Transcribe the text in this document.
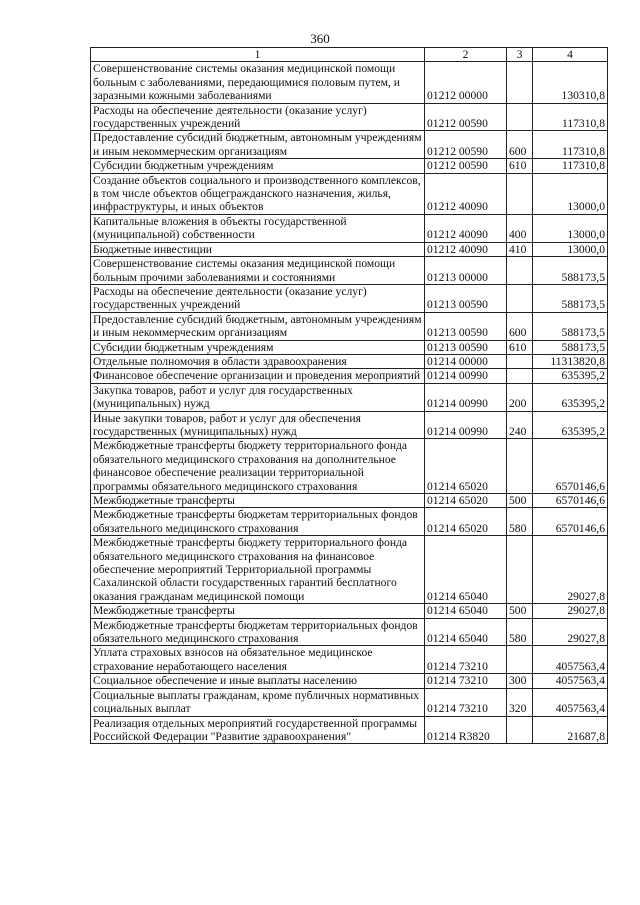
360
1	2	3	4
Совершенствование системы оказания медицинской помощи больным с заболеваниями, передающимися половым путем, и заразными кожными заболеваниями	01212 00000		130310,8
Расходы на обеспечение деятельности (оказание услуг) государственных учреждений	01212 00590		117310,8
Предоставление субсидий бюджетным, автономным учреждениям и иным некоммерческим организациям	01212 00590	600	117310,8
Субсидии бюджетным учреждениям	01212 00590	610	117310,8
Создание объектов социального и производственного комплексов, в том числе объектов общегражданского назначения, жилья, инфраструктуры, и иных объектов	01212 40090		13000,0
Капитальные вложения в объекты государственной (муниципальной) собственности	01212 40090	400	13000,0
Бюджетные инвестиции	01212 40090	410	13000,0
Совершенствование системы оказания медицинской помощи больным прочими заболеваниями и состояниями	01213 00000		588173,5
Расходы на обеспечение деятельности (оказание услуг) государственных учреждений	01213 00590		588173,5
Предоставление субсидий бюджетным, автономным учреждениям и иным некоммерческим организациям	01213 00590	600	588173,5
Субсидии бюджетным учреждениям	01213 00590	610	588173,5
Отдельные полномочия в области здравоохранения	01214 00000		11313820,8
Финансовое обеспечение организации и проведения мероприятий	01214 00990		635395,2
Закупка товаров, работ и услуг для государственных (муниципальных) нужд	01214 00990	200	635395,2
Иные закупки товаров, работ и услуг для обеспечения государственных (муниципальных) нужд	01214 00990	240	635395,2
Межбюджетные трансферты бюджету территориального фонда обязательного медицинского страхования на дополнительное финансовое обеспечение реализации территориальной программы обязательного медицинского страхования	01214 65020		6570146,6
Межбюджетные трансферты	01214 65020	500	6570146,6
Межбюджетные трансферты бюджетам территориальных фондов обязательного медицинского страхования	01214 65020	580	6570146,6
Межбюджетные трансферты бюджету территориального фонда обязательного медицинского страхования на финансовое обеспечение мероприятий Территориальной программы Сахалинской области государственных гарантий бесплатного оказания гражданам медицинской помощи	01214 65040		29027,8
Межбюджетные трансферты	01214 65040	500	29027,8
Межбюджетные трансферты бюджетам территориальных фондов обязательного медицинского страхования	01214 65040	580	29027,8
Уплата страховых взносов на обязательное медицинское страхование неработающего населения	01214 73210		4057563,4
Социальное обеспечение и иные выплаты населению	01214 73210	300	4057563,4
Социальные выплаты гражданам, кроме публичных нормативных социальных выплат	01214 73210	320	4057563,4
Реализация отдельных мероприятий государственной программы Российской Федерации "Развитие здравоохранения"	01214 R3820		21687,8
